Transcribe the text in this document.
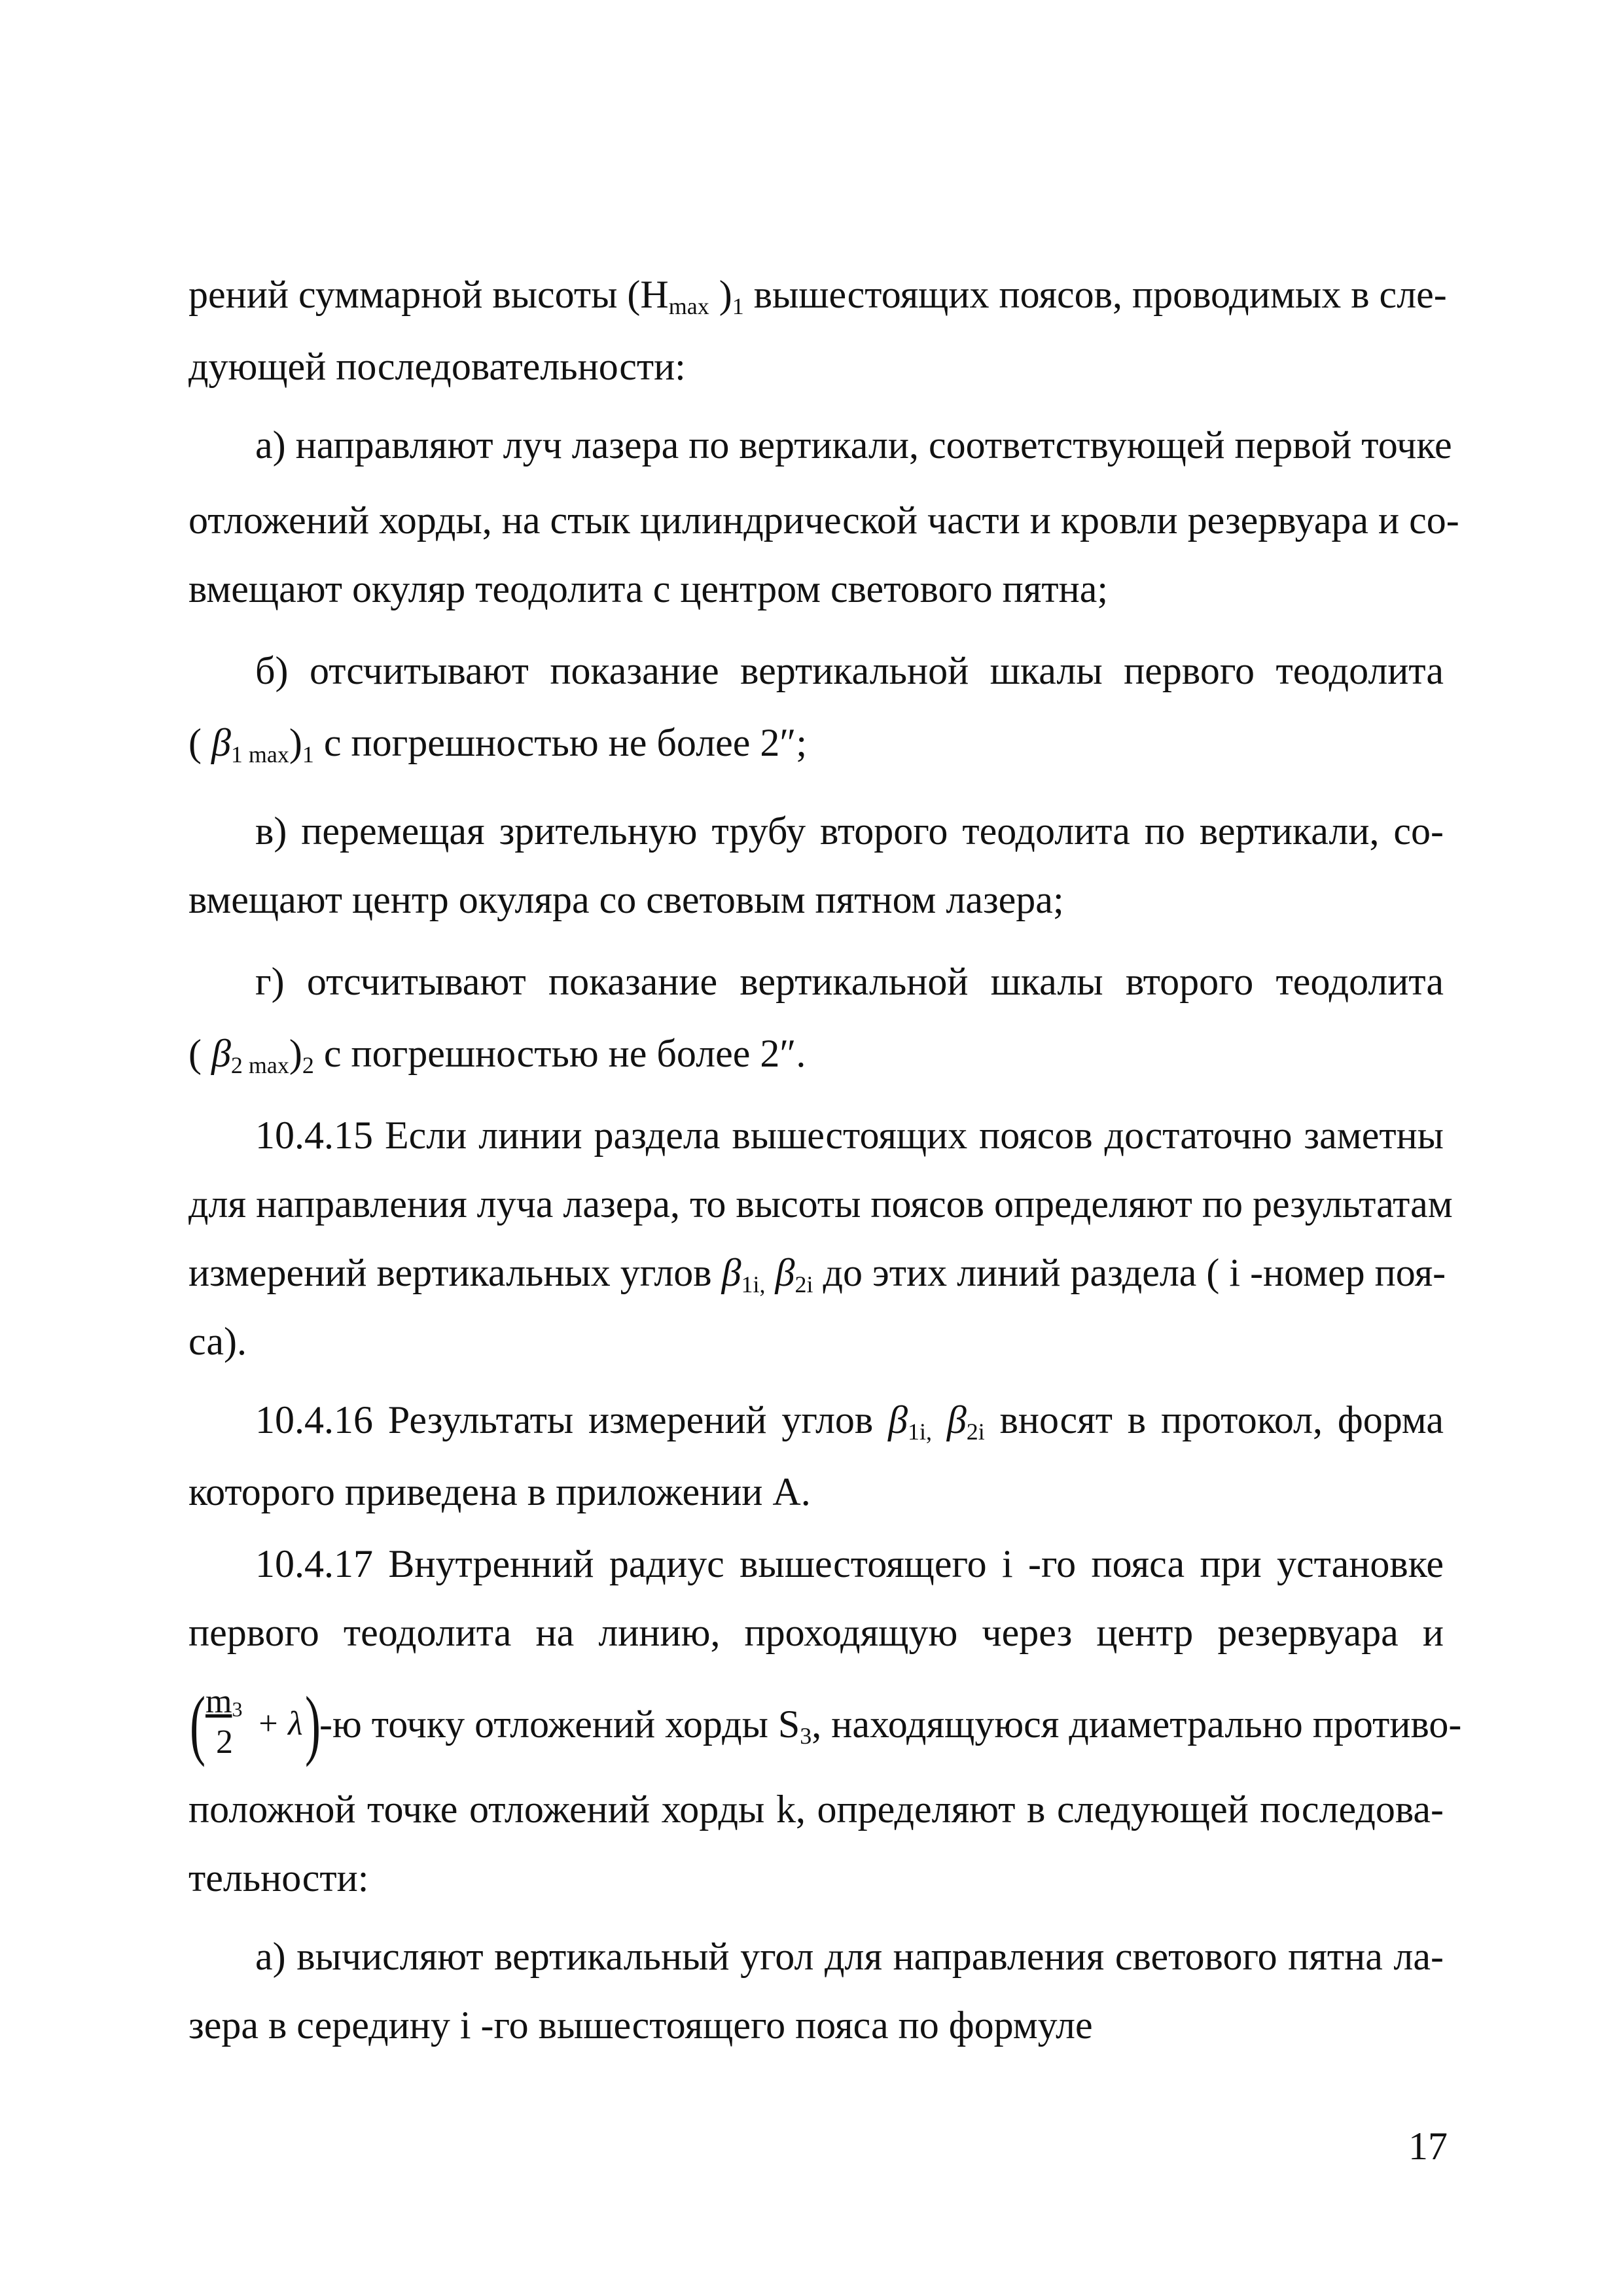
рений суммарной высоты ($Н_{max}$ )$_1$ вышестоящих поясов, проводимых в сле-
дующей последовательности:
а) направляют луч лазера по вертикали, соответствующей первой точке
отложений хорды, на стык цилиндрической части и кровли резервуара и со-
вмещают окуляр теодолита с центром светового пятна;
б) отсчитывают показание вертикальной шкалы первого теодолита
( $\beta_{1 max})_1$ с погрешностью не более 2″;
в) перемещая зрительную трубу второго теодолита по вертикали, со-
вмещают центр окуляра со световым пятном лазера;
г) отсчитывают показание вертикальной шкалы второго теодолита
( $\beta_{2 max})_2$ с погрешностью не более 2″.
10.4.15 Если линии раздела вышестоящих поясов достаточно заметны
для направления луча лазера, то высоты поясов определяют по результатам
измерений вертикальных углов $\beta_{1i,}$ $\beta_{2i}$ до этих линий раздела ( i -номер поя-
са).
10.4.16 Результаты измерений углов $\beta_{1i,}$ $\beta_{2i}$ вносят в протокол, форма
которого приведена в приложении А.
10.4.17 Внутренний радиус вышестоящего i -го пояса при установке
первого теодолита на линию, проходящую через центр резервуара и
( $m_3$
2 + λ )
-ю точку отложений хорды $S_3$, находящуюся диаметрально противо-
положной точке отложений хорды k, определяют в следующей последова-
тельности:
а) вычисляют вертикальный угол для направления светового пятна ла-
зера в середину i -го вышестоящего пояса по формуле
17
